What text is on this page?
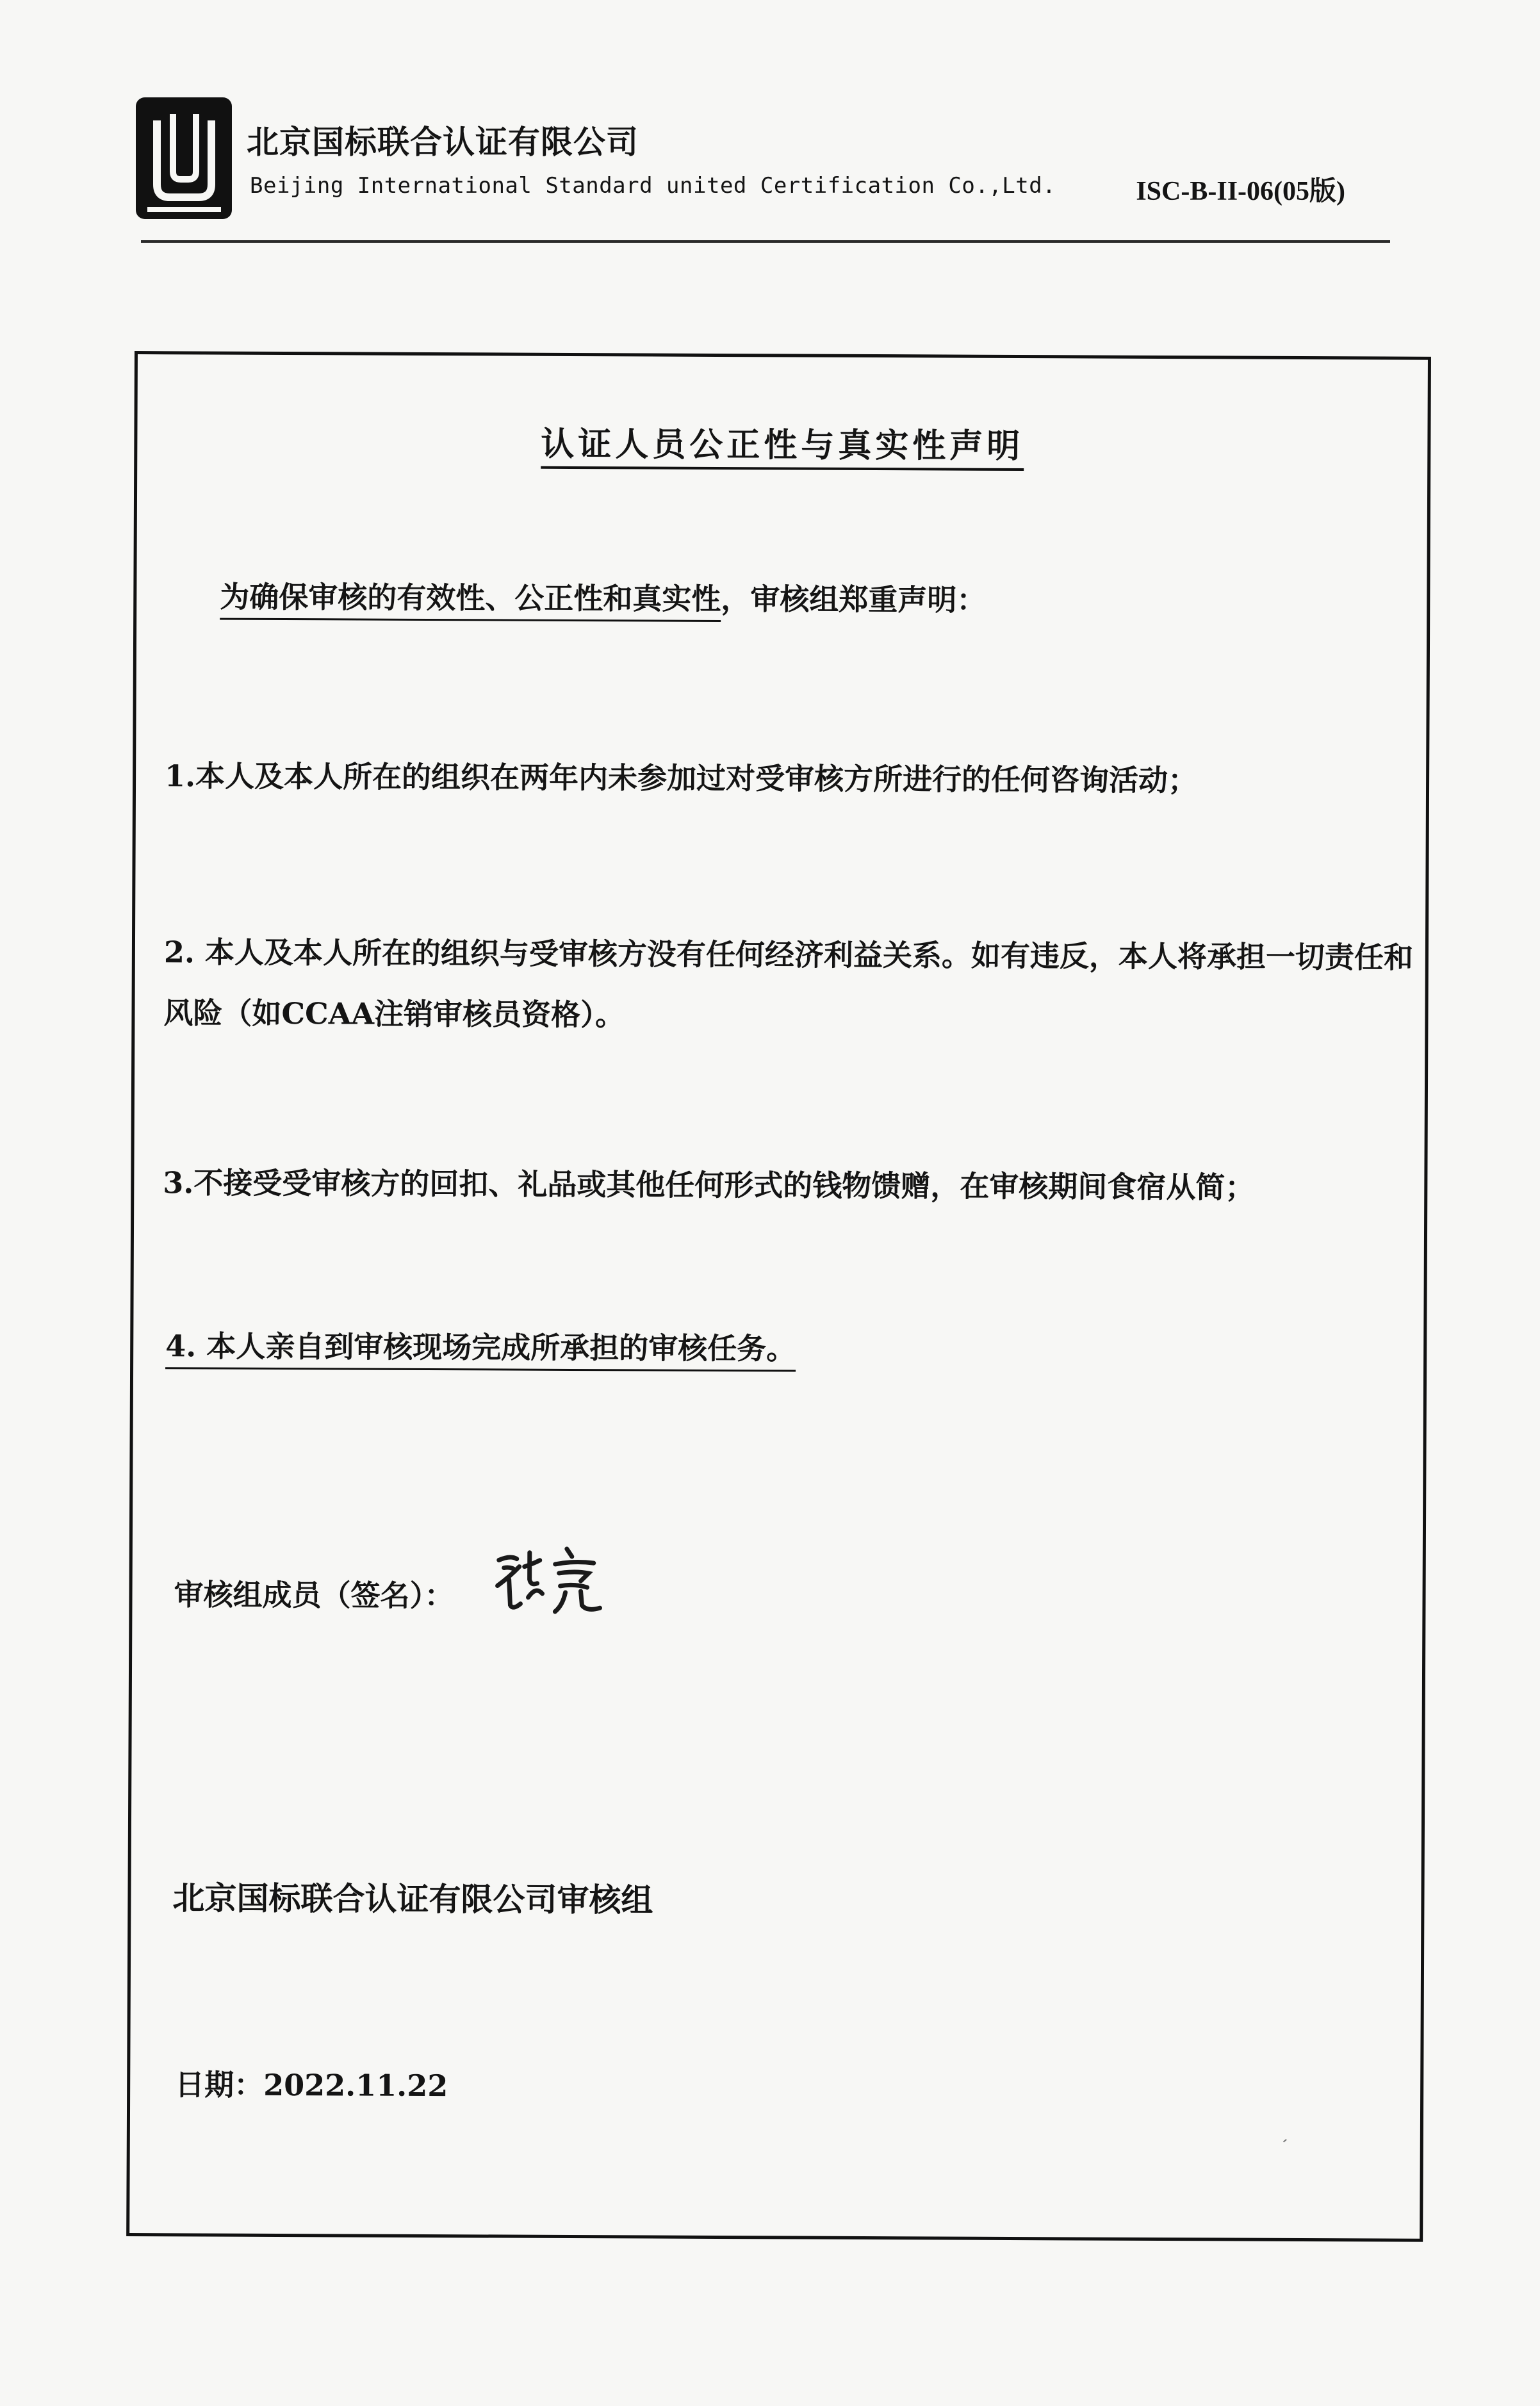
北京国标联合认证有限公司
Beijing International Standard united Certification Co.,Ltd.	ISC-B-II-06(05版)
认证人员公正性与真实性声明
为确保审核的有效性、公正性和真实性，审核组郑重声明：
1.本人及本人所在的组织在两年内未参加过对受审核方所进行的任何咨询活动；
2. 本人及本人所在的组织与受审核方没有任何经济利益关系。如有违反，本人将承担一切责任和
风险（如CCAA注销审核员资格）。
3.不接受受审核方的回扣、礼品或其他任何形式的钱物馈赠，在审核期间食宿从简；
4. 本人亲自到审核现场完成所承担的审核任务。
审核组成员（签名）：
北京国标联合认证有限公司审核组
日期：2022.11.22
